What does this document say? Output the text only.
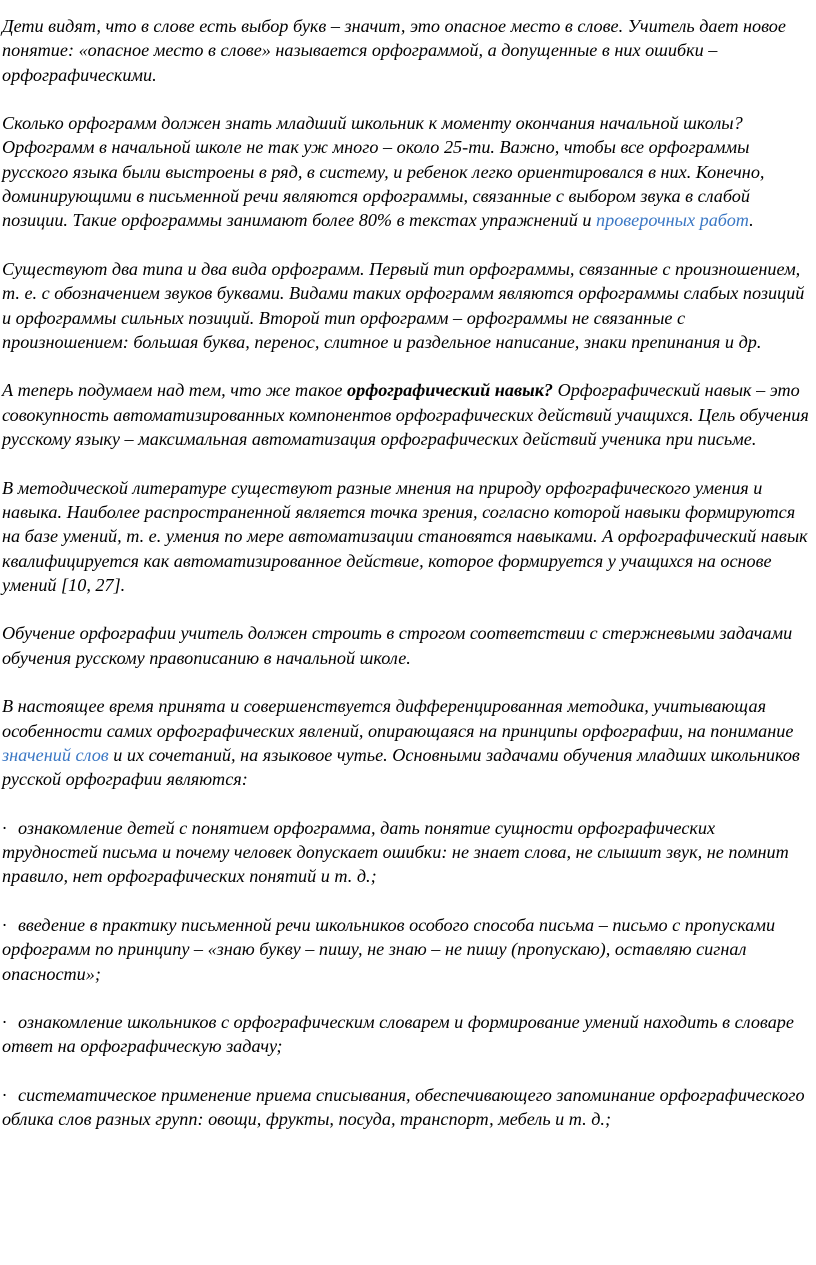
Дети видят, что в слове есть выбор букв – значит, это опасное место в слове. Учитель дает новое понятие: «опасное место в слове» называется орфограммой, а допущенные в них ошибки – орфографическими.

Сколько орфограмм должен знать младший школьник к моменту окончания начальной школы? Орфограмм в начальной школе не так уж много – около 25-ти. Важно, чтобы все орфограммы русского языка были выстроены в ряд, в систему, и ребенок легко ориентировался в них. Конечно, доминирующими в письменной речи являются орфограммы, связанные с выбором звука в слабой позиции. Такие орфограммы занимают более 80% в текстах упражнений и проверочных работ.

Существуют два типа и два вида орфограмм. Первый тип орфограммы, связанные с произношением, т. е. с обозначением звуков буквами. Видами таких орфограмм являются орфограммы слабых позиций и орфограммы сильных позиций. Второй тип орфограмм – орфограммы не связанные с произношением: большая буква, перенос, слитное и раздельное написание, знаки препинания и др.

А теперь подумаем над тем, что же такое орфографический навык? Орфографический навык – это совокупность автоматизированных компонентов орфографических действий учащихся. Цель обучения русскому языку – максимальная автоматизация орфографических действий ученика при письме.

В методической литературе существуют разные мнения на природу орфографического умения и навыка. Наиболее распространенной является точка зрения, согласно которой навыки формируются на базе умений, т. е. умения по мере автоматизации становятся навыками. А орфографический навык квалифицируется как автоматизированное действие, которое формируется у учащихся на основе умений [10, 27].

Обучение орфографии учитель должен строить в строгом соответствии с стержневыми задачами обучения русскому правописанию в начальной школе.

В настоящее время принята и совершенствуется дифференцированная методика, учитывающая особенности самих орфографических явлений, опирающаяся на принципы орфографии, на понимание значений слов и их сочетаний, на языковое чутье. Основными задачами обучения младших школьников русской орфографии являются:

· ознакомление детей с понятием орфограмма, дать понятие сущности орфографических трудностей письма и почему человек допускает ошибки: не знает слова, не слышит звук, не помнит правило, нет орфографических понятий и т. д.;

· введение в практику письменной речи школьников особого способа письма – письмо с пропусками орфограмм по принципу – «знаю букву – пишу, не знаю – не пишу (пропускаю), оставляю сигнал опасности»;

· ознакомление школьников с орфографическим словарем и формирование умений находить в словаре ответ на орфографическую задачу;

· систематическое применение приема списывания, обеспечивающего запоминание орфографического облика слов разных групп: овощи, фрукты, посуда, транспорт, мебель и т. д.;
